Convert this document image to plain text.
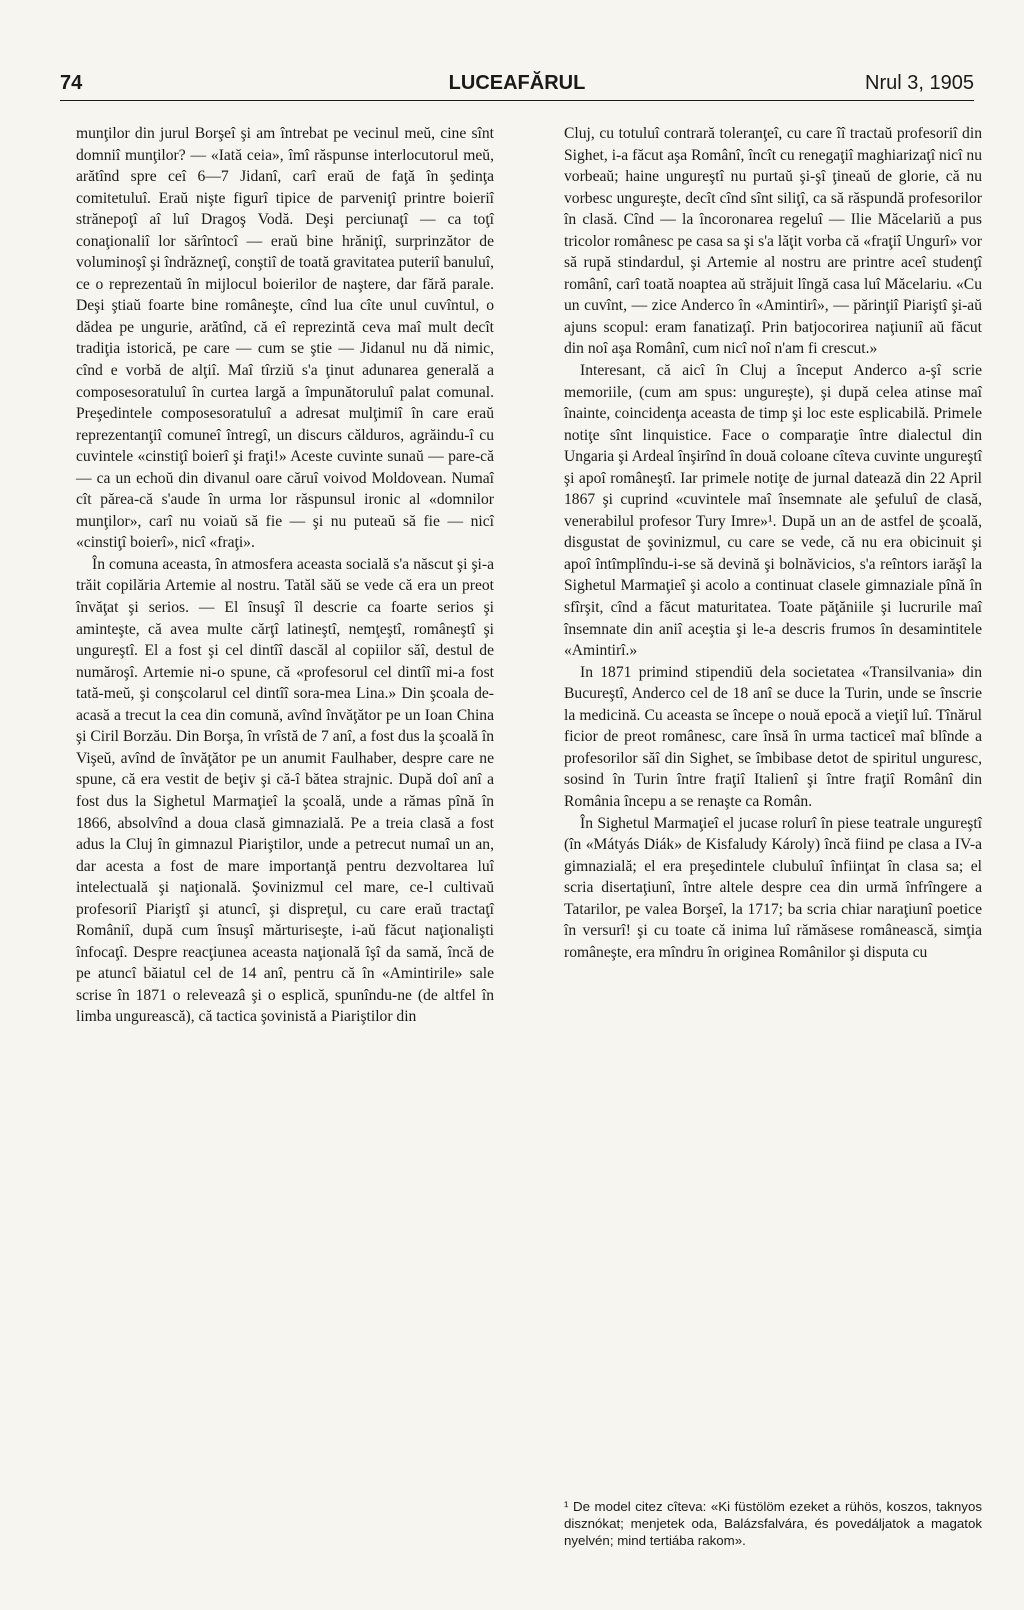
74	LUCEAFĂRUL	Nrul 3, 1905

munţilor din jurul Borşeî şi am întrebat pe vecinul meŭ, cine sînt domniî munţilor? — «Iată ceia», îmî răspunse interlocutorul meŭ, arătînd spre ceî 6—7 Jidanî, carî eraŭ de faţă în şedinţa comitetuluî. Eraŭ nişte figurî tipice de parveniţî printre boieriî strănepoţî aî luî Dragoş Vodă. Deşi perciunaţî — ca toţî conaţionaliî lor sărîntocî — eraŭ bine hrăniţî, surprinzător de voluminoşî şi îndrăzneţî, conştiî de toată gravitatea puteriî banuluî, ce o reprezentaŭ în mijlocul boierilor de naştere, dar fără parale. Deşi ştiaŭ foarte bine româneşte, cînd lua cîte unul cuvîntul, o dădea pe ungurie, arătînd, că eî reprezintă ceva maî mult decît tradiţia istorică, pe care — cum se ştie — Jidanul nu dă nimic, cînd e vorbă de alţiî. Maî tîrziŭ s'a ţinut adunarea generală a composesoratuluî în curtea largă a împunătoruluî palat comunal. Preşedintele composesoratuluî a adresat mulţimiî în care eraŭ reprezentanţiî comuneî întregî, un discurs călduros, agrăindu-î cu cuvintele «cinstiţî boierî şi fraţi!» Aceste cuvinte sunaŭ — pare-că — ca un echoŭ din divanul oare căruî voivod Moldovean. Numaî cît părea-că s'aude în urma lor răspunsul ironic al «domnilor munţilor», carî nu voiaŭ să fie — şi nu puteaŭ să fie — nicî «cinstiţî boierî», nicî «fraţi».

În comuna aceasta, în atmosfera aceasta socială s'a născut şi şi-a trăit copilăria Artemie al nostru. Tatăl săŭ se vede că era un preot învăţat şi serios. — El însuşî îl descrie ca foarte serios şi aminteşte, că avea multe cărţî latineştî, nemţeştî, româneştî şi ungureştî. El a fost şi cel dintîî dascăl al copiilor săî, destul de număroşî. Artemie ni-o spune, că «profesorul cel dintîî mi-a fost tată-meŭ, şi conşcolarul cel dintîî sora-mea Lina.» Din şcoala de-acasă a trecut la cea din comună, avînd învăţător pe un Ioan China şi Ciril Borzău. Din Borşa, în vrîstă de 7 anî, a fost dus la şcoală în Vişeŭ, avînd de învăţător pe un anumit Faulhaber, despre care ne spune, că era vestit de beţiv şi că-î bătea strajnic. După doî anî a fost dus la Sighetul Marmaţieî la şcoală, unde a rămas pînă în 1866, absolvînd a doua clasă gimnazială. Pe a treia clasă a fost adus la Cluj în gimnazul Piariştilor, unde a petrecut numaî un an, dar acesta a fost de mare importanţă pentru dezvoltarea luî intelectuală şi naţională. Şovinizmul cel mare, ce-l cultivaŭ profesoriî Piariştî şi atuncî, şi dispreţul, cu care eraŭ tractaţî Româniî, după cum însuşî mărturiseşte, i-aŭ făcut naţionalişti înfocaţî. Despre reacţiunea aceasta naţională îşî da samă, încă de pe atuncî băiatul cel de 14 anî, pentru că în «Amintirile» sale scrise în 1871 o releveazâ şi o esplică, spunîndu-ne (de altfel în limba ungurească), că tactica şovinistă a Piariştilor din

Cluj, cu totuluî contrară toleranţeî, cu care îî tractaŭ profesoriî din Sighet, i-a făcut aşa Românî, încît cu renegaţiî maghiarizaţî nicî nu vorbeaŭ; haine ungureştî nu purtaŭ şi-şî ţineaŭ de glorie, că nu vorbesc ungureşte, decît cînd sînt siliţî, ca să răspundă profesorilor în clasă. Cînd — la încoronarea regeluî — Ilie Măcelariŭ a pus tricolor românesc pe casa sa şi s'a lăţit vorba că «fraţiî Ungurî» vor să rupă stindardul, şi Artemie al nostru are printre aceî studenţî românî, carî toată noaptea aŭ străjuit lîngă casa luî Măcelariu. «Cu un cuvînt, — zice Anderco în «Amintirî», — părinţiî Piariştî şi-aŭ ajuns scopul: eram fanatizaţî. Prin batjocorirea naţiuniî aŭ făcut din noî aşa Românî, cum nicî noî n'am fi crescut.»

Interesant, că aicî în Cluj a început Anderco a-şî scrie memoriile, (cum am spus: ungureşte), şi după celea atinse maî înainte, coincidenţa aceasta de timp şi loc este esplicabilă. Primele notiţe sînt linquistice. Face o comparaţie între dialectul din Ungaria şi Ardeal înşirînd în două coloane cîteva cuvinte ungureştî şi apoî româneştî. Iar primele notiţe de jurnal datează din 22 April 1867 şi cuprind «cuvintele maî însemnate ale şefuluî de clasă, venerabilul profesor Tury Imre»¹. După un an de astfel de şcoală, disgustat de şovinizmul, cu care se vede, că nu era obicinuit şi apoî întîmplîndu-i-se să devină şi bolnăvicios, s'a reîntors iarăşî la Sighetul Marmaţieî şi acolo a continuat clasele gimnaziale pînă în sfîrşit, cînd a făcut maturitatea. Toate păţăniile şi lucrurile maî însemnate din aniî aceştia şi le-a descris frumos în desamintitele «Amintirî.»

In 1871 primind stipendiŭ dela societatea «Transilvania» din Bucureştî, Anderco cel de 18 anî se duce la Turin, unde se înscrie la medicină. Cu aceasta se începe o nouă epocă a vieţiî luî. Tînărul ficior de preot românesc, care însă în urma tacticeî maî blînde a profesorilor săî din Sighet, se îmbibase detot de spiritul unguresc, sosind în Turin între fraţiî Italienî şi între fraţiî Românî din România începu a se renaşte ca Român.

În Sighetul Marmaţieî el jucase rolurî în piese teatrale ungureştî (în «Mátyás Diák» de Kisfaludy Károly) încă fiind pe clasa a IV-a gimnazială; el era preşedintele clubuluî înfiinţat în clasa sa; el scria disertaţiunî, între altele despre cea din urmă înfrîngere a Tatarilor, pe valea Borşeî, la 1717; ba scria chiar naraţiunî poetice în versurî! şi cu toate că inima luî rămăsese românească, simţia româneşte, era mîndru în originea Românilor şi disputa cu

¹ De model citez cîteva: «Ki füstölöm ezeket a rühös, koszos, taknyos disznókat; menjetek oda, Balázsfalvára, és povedáljatok a magatok nyelvén; mind tertiába rakom».
